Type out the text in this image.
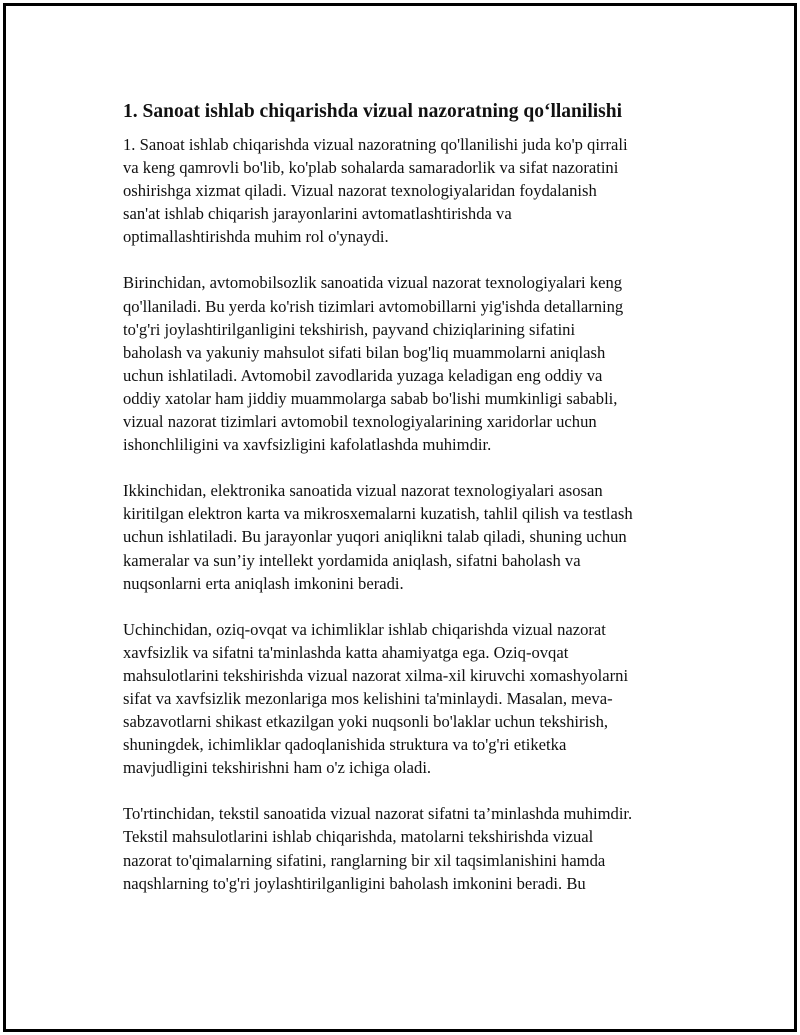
1. Sanoat ishlab chiqarishda vizual nazoratning qo‘llanilishi

1. Sanoat ishlab chiqarishda vizual nazoratning qo'llanilishi juda ko'p qirrali
va keng qamrovli bo'lib, ko'plab sohalarda samaradorlik va sifat nazoratini
oshirishga xizmat qiladi. Vizual nazorat texnologiyalaridan foydalanish
san'at ishlab chiqarish jarayonlarini avtomatlashtirishda va
optimallashtirishda muhim rol o'ynaydi.

Birinchidan, avtomobilsozlik sanoatida vizual nazorat texnologiyalari keng
qo'llaniladi. Bu yerda ko'rish tizimlari avtomobillarni yig'ishda detallarning
to'g'ri joylashtirilganligini tekshirish, payvand chiziqlarining sifatini
baholash va yakuniy mahsulot sifati bilan bog'liq muammolarni aniqlash
uchun ishlatiladi. Avtomobil zavodlarida yuzaga keladigan eng oddiy va
oddiy xatolar ham jiddiy muammolarga sabab bo'lishi mumkinligi sababli,
vizual nazorat tizimlari avtomobil texnologiyalarining xaridorlar uchun
ishonchliligini va xavfsizligini kafolatlashda muhimdir.

Ikkinchidan, elektronika sanoatida vizual nazorat texnologiyalari asosan
kiritilgan elektron karta va mikrosxemalarni kuzatish, tahlil qilish va testlash
uchun ishlatiladi. Bu jarayonlar yuqori aniqlikni talab qiladi, shuning uchun
kameralar va sun’iy intellekt yordamida aniqlash, sifatni baholash va
nuqsonlarni erta aniqlash imkonini beradi.

Uchinchidan, oziq-ovqat va ichimliklar ishlab chiqarishda vizual nazorat
xavfsizlik va sifatni ta'minlashda katta ahamiyatga ega. Oziq-ovqat
mahsulotlarini tekshirishda vizual nazorat xilma-xil kiruvchi xomashyolarni
sifat va xavfsizlik mezonlariga mos kelishini ta'minlaydi. Masalan, meva-
sabzavotlarni shikast etkazilgan yoki nuqsonli bo'laklar uchun tekshirish,
shuningdek, ichimliklar qadoqlanishida struktura va to'g'ri etiketka
mavjudligini tekshirishni ham o'z ichiga oladi.

To'rtinchidan, tekstil sanoatida vizual nazorat sifatni ta’minlashda muhimdir.
Tekstil mahsulotlarini ishlab chiqarishda, matolarni tekshirishda vizual
nazorat to'qimalarning sifatini, ranglarning bir xil taqsimlanishini hamda
naqshlarning to'g'ri joylashtirilganligini baholash imkonini beradi. Bu
